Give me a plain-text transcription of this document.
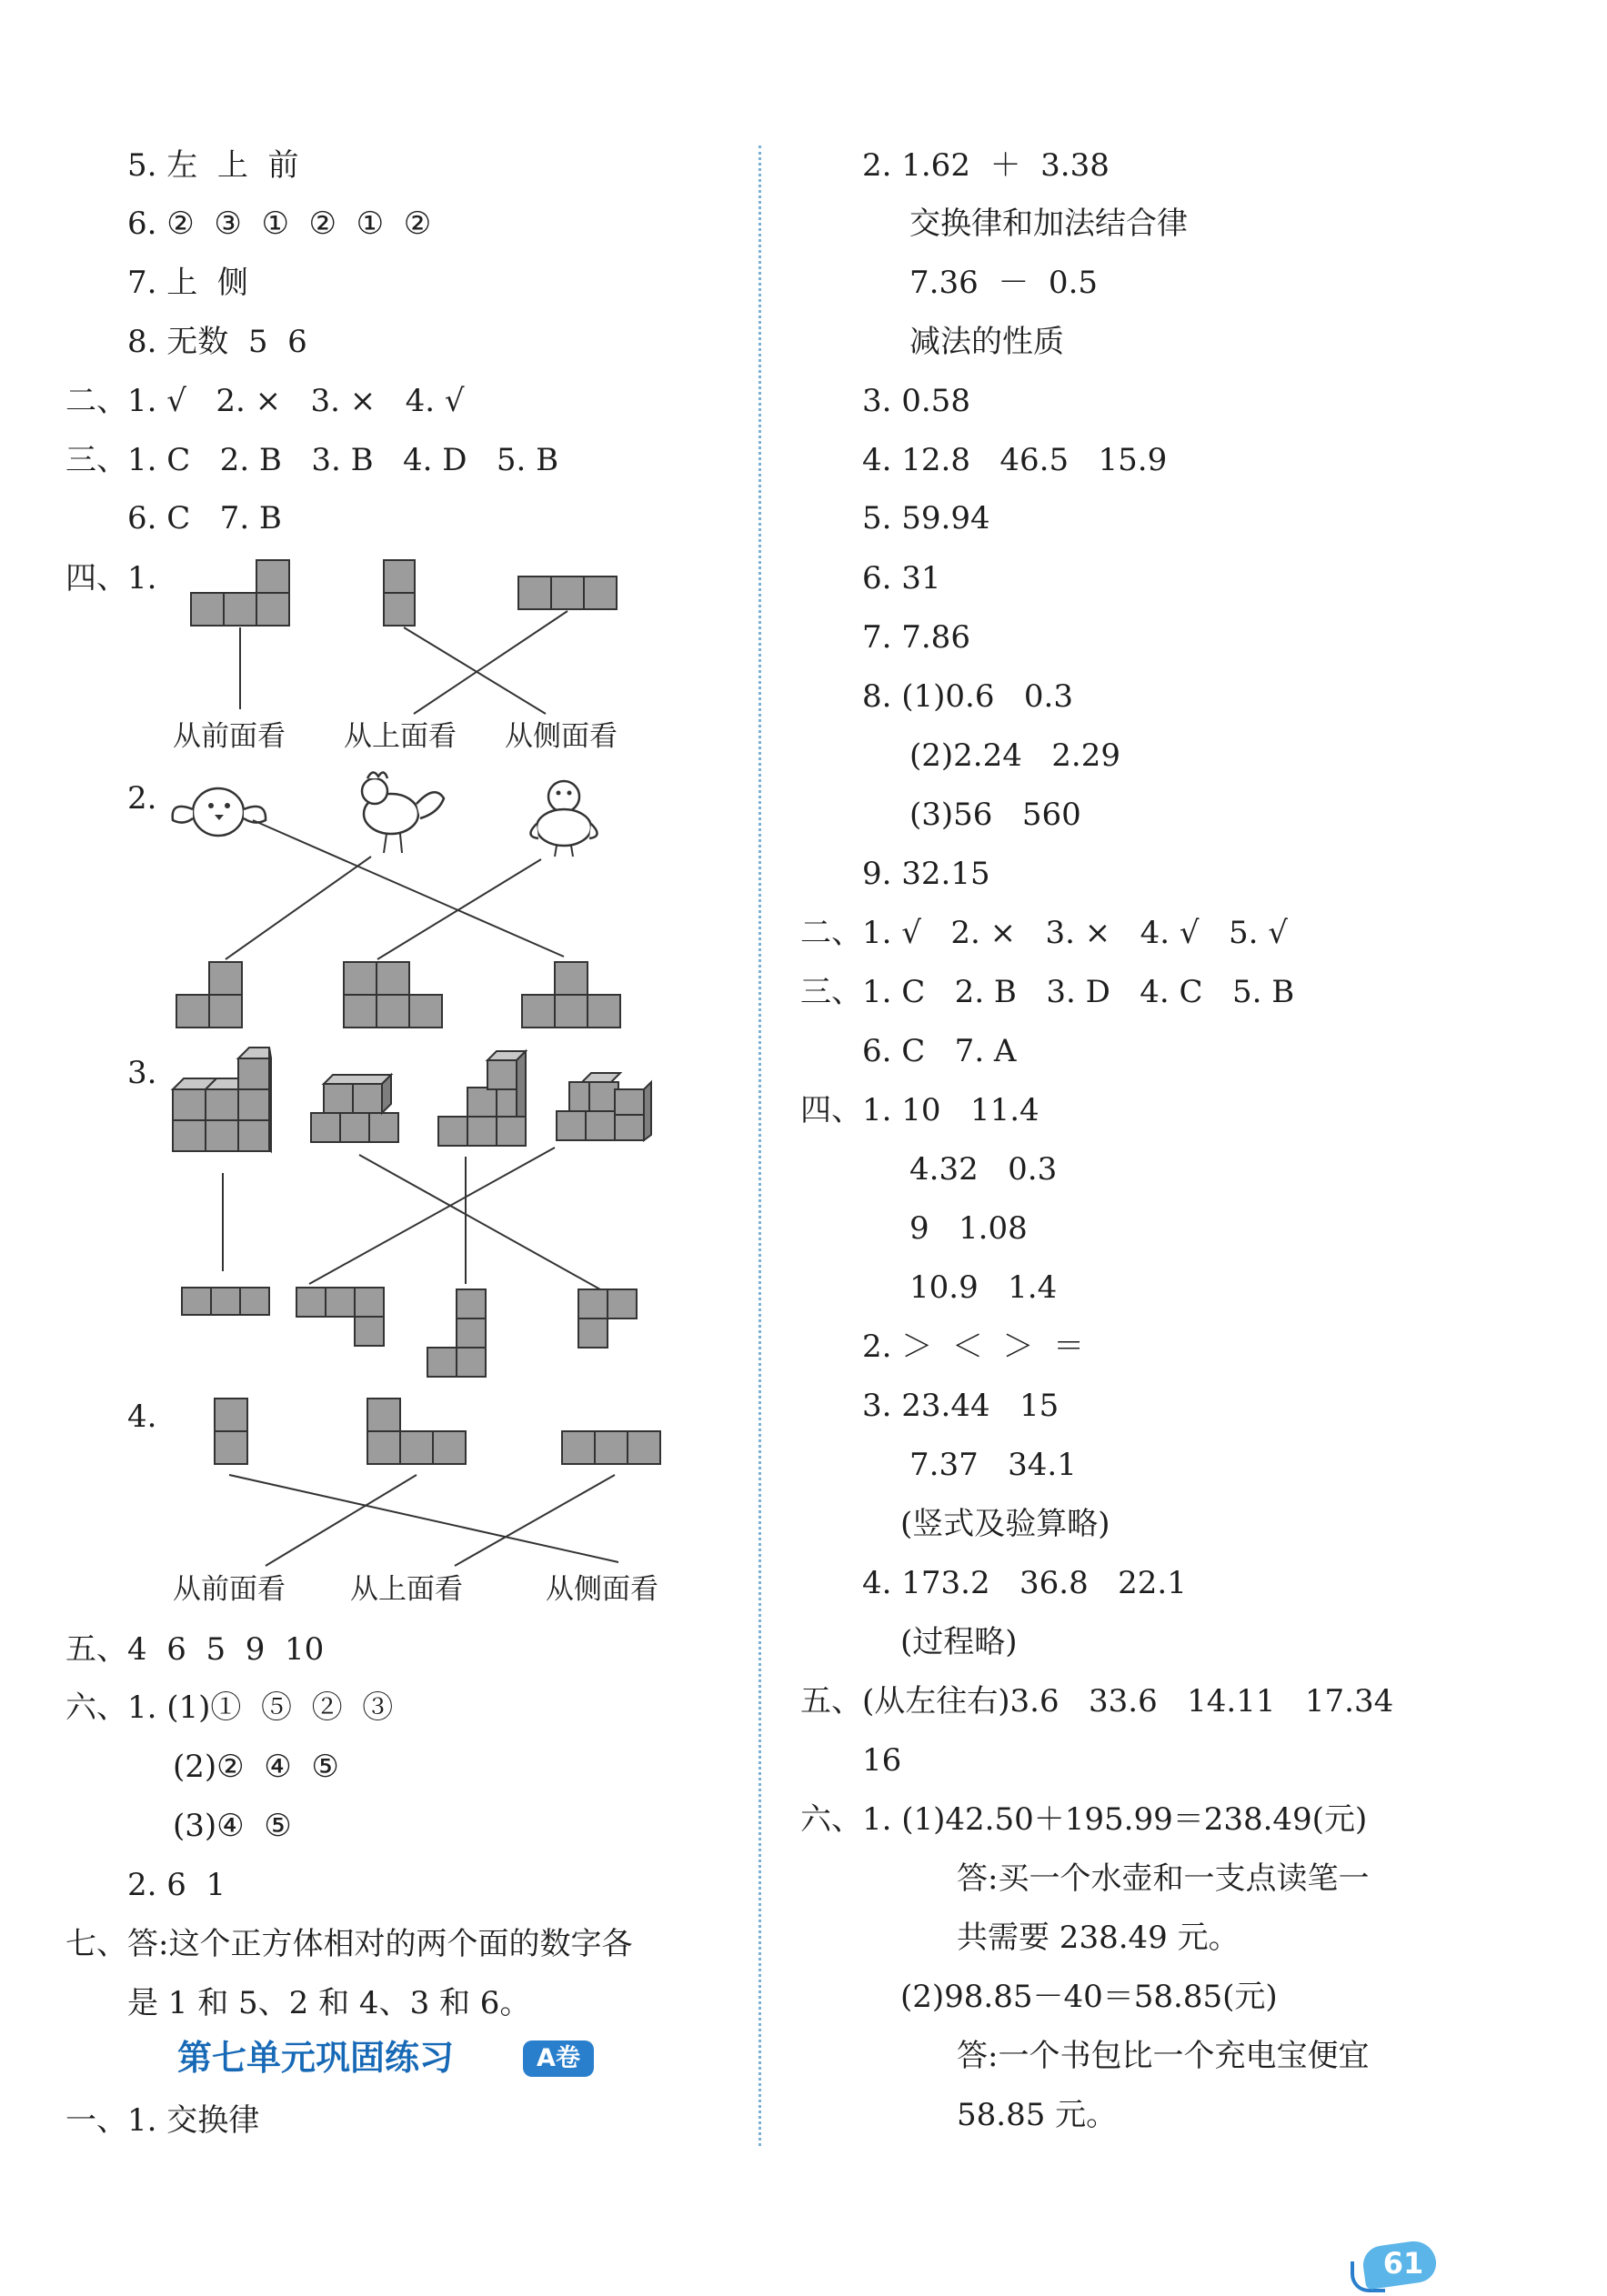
5. 左  上  前
6. ②  ③  ①  ②  ①  ②
7. 上  侧
8. 无数  5  6
二、1. √   2. ×   3. ×   4. √
三、1. C   2. B   3. B   4. D   5. B
6. C   7. B
四、1.
从前面看 从上面看 从侧面看
2.
3.
4.
从前面看 从上面看	从侧面看
五、4  6  5  9  10
六、1. (1)①  ⑤  ②  ③
(2)②  ④  ⑤
(3)④  ⑤
2. 6  1
七、答:这个正方体相对的两个面的数字各
是 1 和 5、2 和 4、3 和 6。
第七单元巩固练习	A卷
一、1. 交换律
2. 1.62  ＋  3.38
交换律和加法结合律
7.36  －  0.5
减法的性质
3. 0.58
4. 12.8   46.5   15.9
5. 59.94
6. 31
7. 7.86
8. (1)0.6   0.3
(2)2.24   2.29
(3)56   560
9. 32.15
二、1. √   2. ×   3. ×   4. √   5. √
三、1. C   2. B   3. D   4. C   5. B
6. C   7. A
四、1. 10   11.4
4.32   0.3
9   1.08
10.9   1.4
2. ＞  ＜  ＞  ＝
3. 23.44   15
7.37   34.1
(竖式及验算略)
4. 173.2   36.8   22.1
(过程略)
五、(从左往右)3.6   33.6   14.11   17.34
16
六、1. (1)42.50＋195.99＝238.49(元)
答:买一个水壶和一支点读笔一
共需要 238.49 元。
(2)98.85－40＝58.85(元)
答:一个书包比一个充电宝便宜
58.85 元。
61
